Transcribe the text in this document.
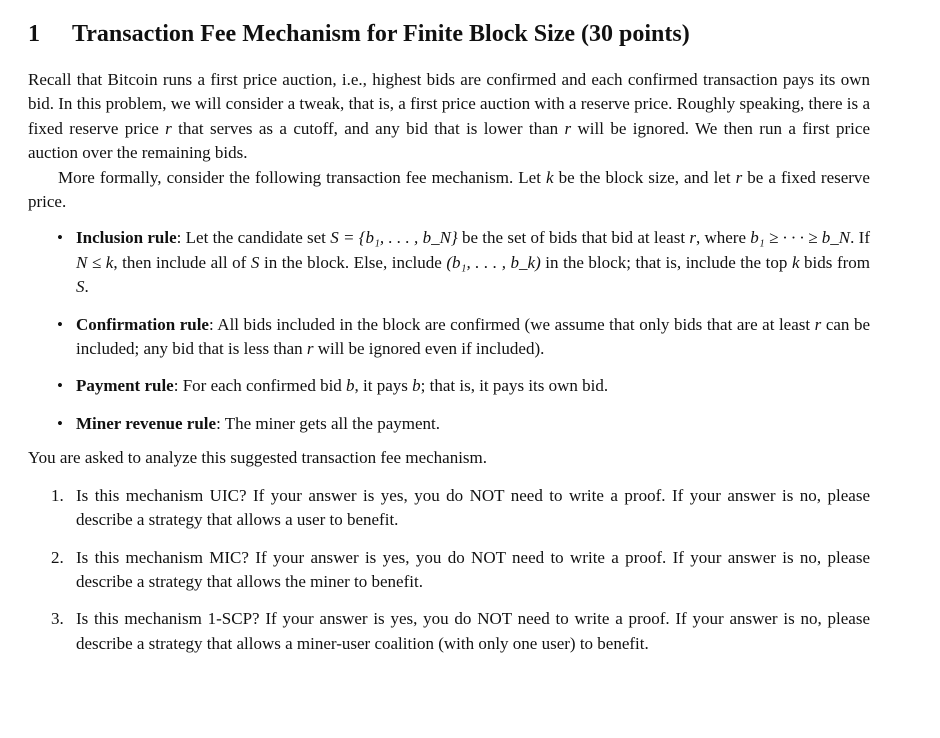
1 Transaction Fee Mechanism for Finite Block Size (30 points)

Recall that Bitcoin runs a first price auction, i.e., highest bids are confirmed and each confirmed transaction pays its own bid. In this problem, we will consider a tweak, that is, a first price auction with a reserve price. Roughly speaking, there is a fixed reserve price r that serves as a cutoff, and any bid that is lower than r will be ignored. We then run a first price auction over the remaining bids.

More formally, consider the following transaction fee mechanism. Let k be the block size, and let r be a fixed reserve price.

• Inclusion rule: Let the candidate set S = {b₁, . . . , b_N} be the set of bids that bid at least r, where b₁ ≥ · · · ≥ b_N. If N ≤ k, then include all of S in the block. Else, include (b₁, . . . , b_k) in the block; that is, include the top k bids from S.
• Confirmation rule: All bids included in the block are confirmed (we assume that only bids that are at least r can be included; any bid that is less than r will be ignored even if included).
• Payment rule: For each confirmed bid b, it pays b; that is, it pays its own bid.
• Miner revenue rule: The miner gets all the payment.

You are asked to analyze this suggested transaction fee mechanism.

1. Is this mechanism UIC? If your answer is yes, you do NOT need to write a proof. If your answer is no, please describe a strategy that allows a user to benefit.
2. Is this mechanism MIC? If your answer is yes, you do NOT need to write a proof. If your answer is no, please describe a strategy that allows the miner to benefit.
3. Is this mechanism 1-SCP? If your answer is yes, you do NOT need to write a proof. If your answer is no, please describe a strategy that allows a miner-user coalition (with only one user) to benefit.
